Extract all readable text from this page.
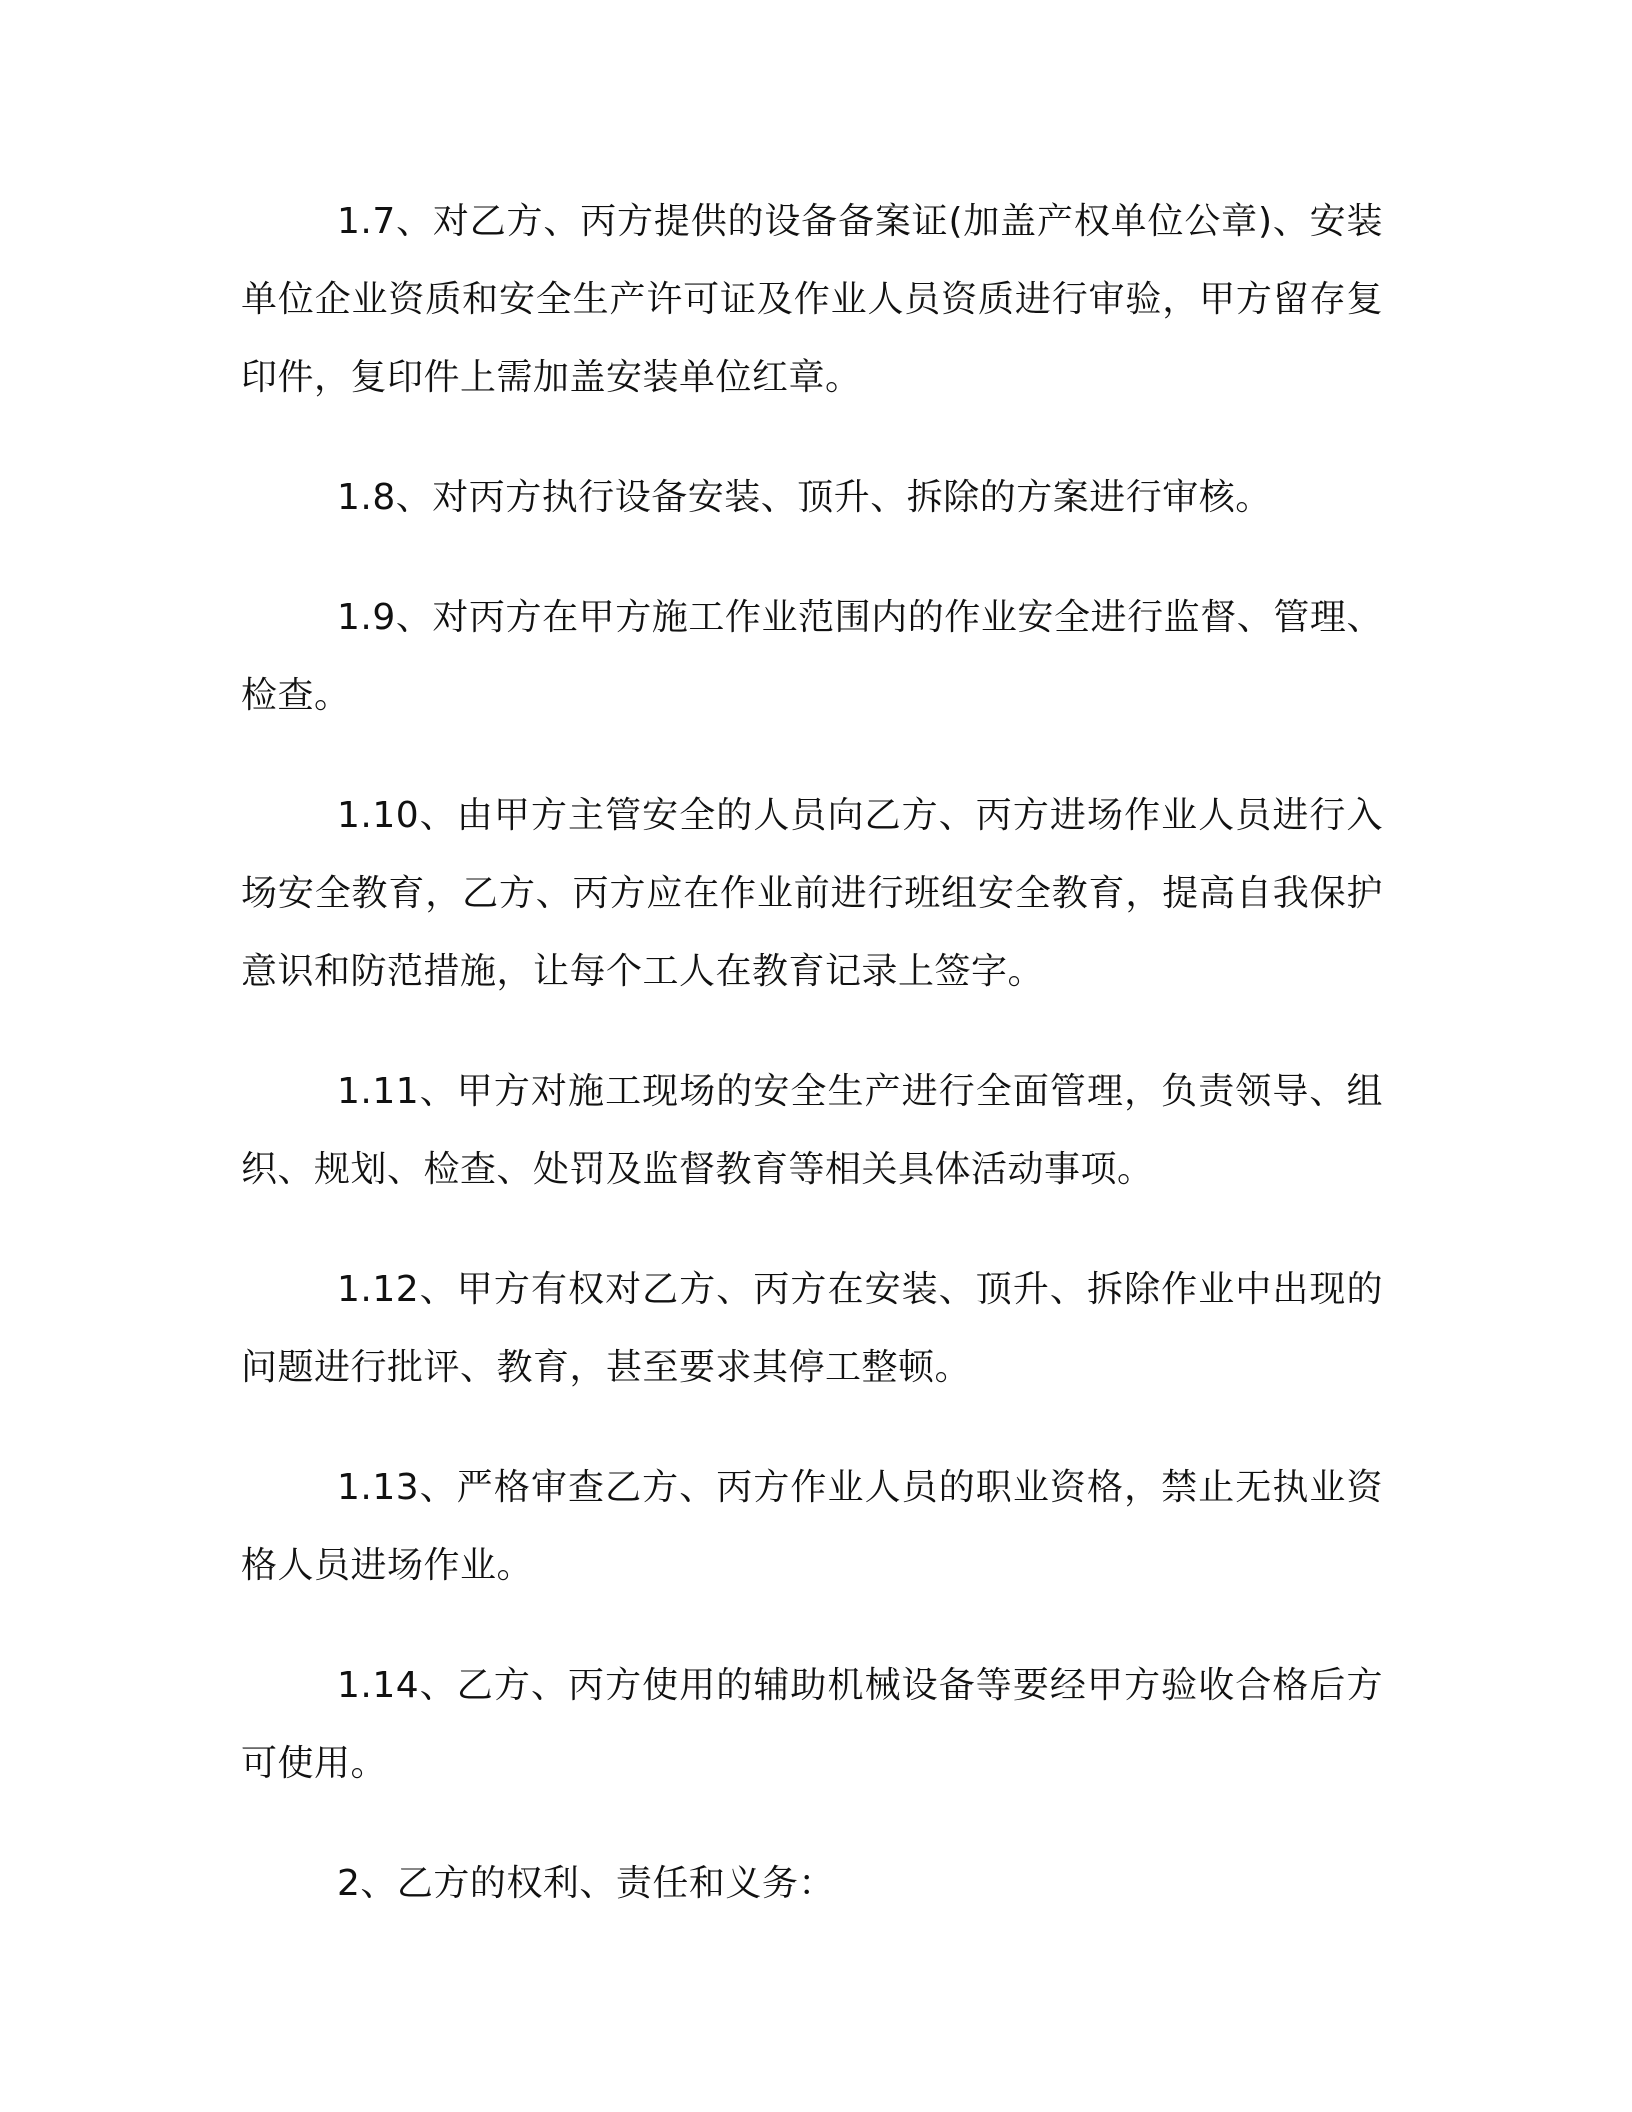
1.7、对乙方、丙方提供的设备备案证(加盖产权单位公章)、安装单位企业资质和安全生产许可证及作业人员资质进行审验，甲方留存复印件，复印件上需加盖安装单位红章。

1.8、对丙方执行设备安装、顶升、拆除的方案进行审核。

1.9、对丙方在甲方施工作业范围内的作业安全进行监督、管理、检查。

1.10、由甲方主管安全的人员向乙方、丙方进场作业人员进行入场安全教育，乙方、丙方应在作业前进行班组安全教育，提高自我保护意识和防范措施，让每个工人在教育记录上签字。

1.11、甲方对施工现场的安全生产进行全面管理，负责领导、组织、规划、检查、处罚及监督教育等相关具体活动事项。

1.12、甲方有权对乙方、丙方在安装、顶升、拆除作业中出现的问题进行批评、教育，甚至要求其停工整顿。

1.13、严格审查乙方、丙方作业人员的职业资格，禁止无执业资格人员进场作业。

1.14、乙方、丙方使用的辅助机械设备等要经甲方验收合格后方可使用。

2、乙方的权利、责任和义务：
